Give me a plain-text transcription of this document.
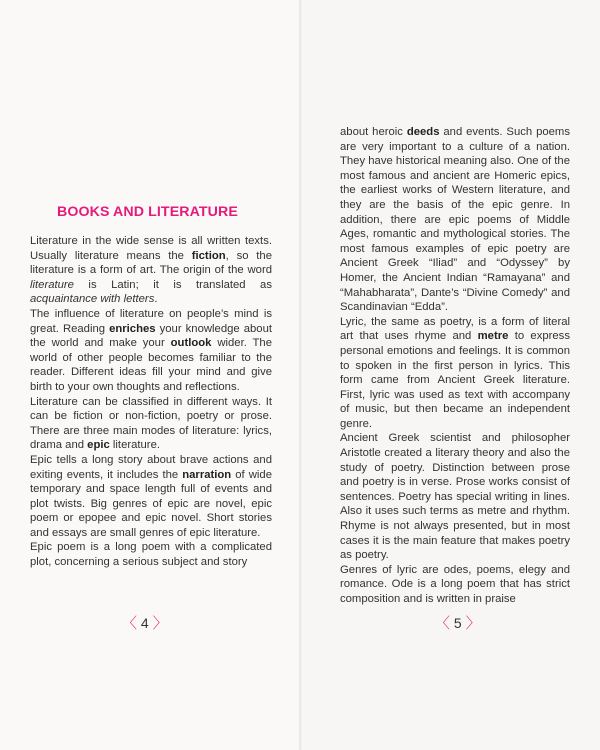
BOOKS AND LITERATURE

Literature in the wide sense is all written texts. Usually literature means the fiction, so the literature is a form of art. The origin of the word literature is Latin; it is translated as acquaintance with letters.

The influence of literature on people’s mind is great. Reading enriches your knowledge about the world and make your outlook wider. The world of other people becomes familiar to the reader. Different ideas fill your mind and give birth to your own thoughts and reflections.

Literature can be classified in different ways. It can be fiction or non-fiction, poetry or prose. There are three main modes of literature: lyrics, drama and epic literature.

Epic tells a long story about brave actions and exiting events, it includes the narration of wide temporary and space length full of events and plot twists. Big genres of epic are novel, epic poem or epopee and epic novel. Short stories and essays are small genres of epic literature.

Epic poem is a long poem with a complicated plot, concerning a serious subject and story

〈 4 〉	〈 5 〉

about heroic deeds and events. Such poems are very important to a culture of a nation. They have historical meaning also. One of the most famous and ancient are Homeric epics, the earliest works of Western literature, and they are the basis of the epic genre. In addition, there are epic poems of Middle Ages, romantic and mythological stories. The most famous examples of epic poetry are Ancient Greek “Iliad” and “Odyssey” by Homer, the Ancient Indian “Ramayana” and “Mahabharata”, Dante’s “Divine Comedy” and Scandinavian “Edda”.

Lyric, the same as poetry, is a form of literal art that uses rhyme and metre to express personal emotions and feelings. It is common to spoken in the first person in lyrics. This form came from Ancient Greek literature. First, lyric was used as text with accompany of music, but then became an independent genre.

Ancient Greek scientist and philosopher Aristotle created a literary theory and also the study of poetry. Distinction between prose and poetry is in verse. Prose works consist of sentences. Poetry has special writing in lines. Also it uses such terms as metre and rhythm. Rhyme is not always presented, but in most cases it is the main feature that makes poetry as poetry.

Genres of lyric are odes, poems, elegy and romance. Ode is a long poem that has strict composition and is written in praise
